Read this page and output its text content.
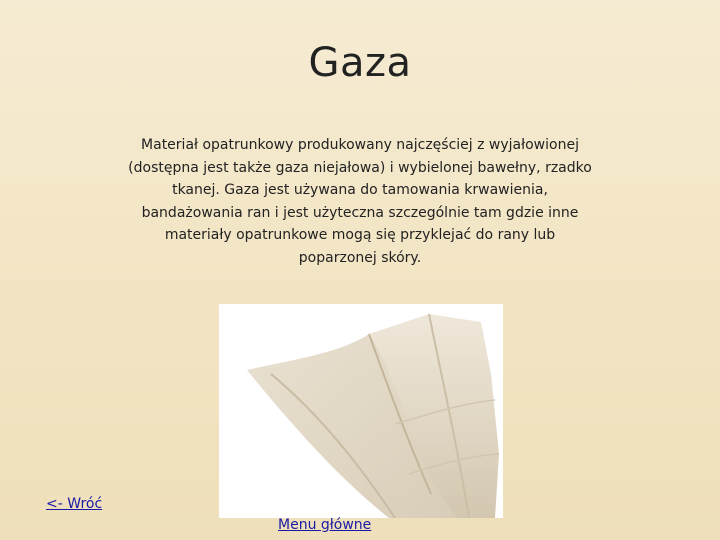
Gaza
Materiał opatrunkowy produkowany najczęściej z wyjałowionej (dostępna jest także gaza niejałowa) i wybielonej bawełny, rzadko tkanej. Gaza jest używana do tamowania krwawienia, bandażowania ran i jest użyteczna szczególnie tam gdzie inne materiały opatrunkowe mogą się przyklejać do rany lub poparzonej skóry.
<- Wróć
Menu główne
